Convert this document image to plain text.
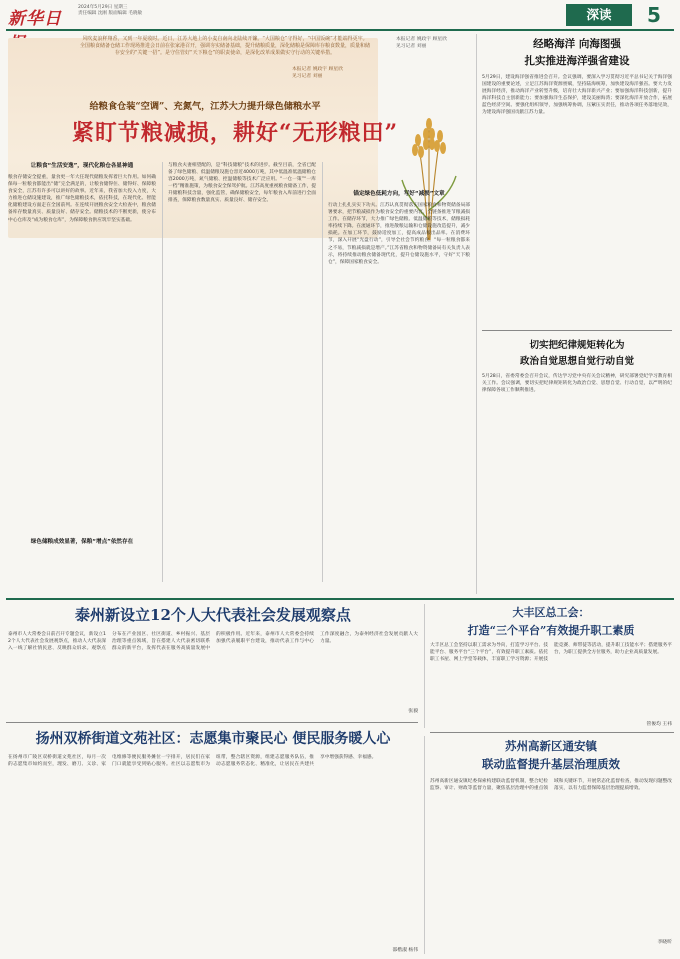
新华日
2024年5月29日 星期三
责任编辑 沈刚 版面编辑 毛晓敏	深读	5
风吹麦浪秤翔香，又到一年夏收时。近日，江苏大地上的小麦自南向北陆续开镰。“大国粮仓”守得好，“中国饭碗”才能端得更牢。全国粮食储备仓储工作现场推进会日前在张家港召开，强调夯实储备基础，提升储粮质量，深化储粮是保障库存粮食数量，质量和储存安全的“关键一招”。是守住管好“天下粮仓”的职责使命，是深化改革成果做实守行动的关键举措。
本报记者 姚政宇 顾星欣
见习记者 刘丽
给粮食仓装“空调”、充氮气，江苏大力提升绿色储粮水平
紧盯节粮减损，耕好“无形粮田”
让粮食“生活安逸”，现代化粮仓各显神通
粮食存储安全提重，量食更一年大任现代储粮发挥着巨大作用。如何确保每一粒粮食都能出“储”完全满足的，让粮食储得住、储得好、保障粮食安全，江苏有许多可以讲好的故事。近年来，我省加大投入力度，大力推进仓储设施建设，推广绿色储粮技术，依托科技，在现代化、智能化储粮建设方面走在全国前列。在连续开展粮食安全大检查中，粮食储备库存数量真实、质量良好、储存安全。储粮技术的不断更新，使分布中心仓库及“成为粮食仓库”，为保障粮食供应筑牢坚实基础。
绿色储粮成效显著，保粮“增点”依然存在
与粮食夫妻相望配的，是“科技储粮”技术的进步。截至目前，全省已配备了绿色储粮、低温储粮设施仓容近4000万吨，其中低温准低温储粮仓容2000万吨，氮气储粮、控温储粮等技术广泛应用。“一仓一策”“一库一档”精准施策，为粮食安全保驾护航。江苏高度重视粮食储备工作，提升储粮科技含量，强化监管，确保储粮安全，每年粮食入库前进行全面排查，保障粮食数量真实、质量良好、储存安全。
锚定绿色低耗方向，写好“减损”文章
行动上扎扎实实下功夫。江苏认真贯彻落实国家粮食和物资储备局部署要求，把节粮减损作为粮食安全的重要内容，全链条推进节粮减损工作。在储存环节，大力推广绿色储粮、低温储粮等技术，储粮损耗率持续下降。在流通环节，推进散粮运输和仓储设施改造提升，减少损耗。在加工环节，鼓励适度加工，提高成品粮出品率。在消费环节，深入开展“光盘行动”，引导全社会节约粮食。“每一粒粮食都来之不易，节粮减损就是增产。”江苏省粮食和物资储备局有关负责人表示，将持续推动粮食储备现代化，提升仓储设施水平，守好“天下粮仓”，保障国家粮食安全。
本报记者 姚政宇 顾星欣
见习记者 刘丽	经略海洋 向海图强
扎实推进海洋强省建设
5月29日，建设海洋强省推进会召开。会议强调，要深入学习贯彻习近平总书记关于海洋强国建设的重要论述，立足江苏海洋资源禀赋，坚持陆海统筹，加快建设海洋强省。要大力发展海洋经济，推动海洋产业转型升级，培育壮大海洋新兴产业；要加强海洋科技创新，提升海洋科技自主创新能力；要加强海洋生态保护，建设美丽海湾；要深化海洋开放合作，拓展蓝色经济空间。要强化组织领导，加强统筹协调，压紧压实责任，推动各项任务落地见效，为建设海洋强国贡献江苏力量。
切实把纪律规矩转化为
政治自觉思想自觉行动自觉
5月28日，省委常委会召开会议，传达学习党中央有关会议精神，研究部署党纪学习教育相关工作。会议强调，要切实把纪律规矩转化为政治自觉、思想自觉、行动自觉，以严明的纪律保障各项工作顺利推进。
泰州新设立12个人大代表社会发展观察点
泰州市人大常委会日前召开专题会议，新设立12个人大代表社会发展观察点，推动人大代表深入一线了解社情民意、反映群众诉求。观察点分布在产业园区、社区街道、乡村振兴、基层治理等重点领域，旨在搭建人大代表密切联系群众的新平台，发挥代表在服务高质量发展中的积极作用。近年来，泰州市人大常委会持续加强代表履职平台建设，推动代表工作与中心工作深度融合，为泰州经济社会发展贡献人大力量。
张毅
大丰区总工会：
打造“三个平台”有效提升职工素质
大丰区总工会坚持以职工需求为导向，打造学习平台、技能平台、服务平台“三个平台”，有效提升职工素质。依托职工书屋、网上学堂等载体，丰富职工学习资源；开展技能竞赛、师带徒等活动，提升职工技能水平；搭建服务平台，为职工提供全方位服务，助力企业高质量发展。
管俊均 王祎
扬州双桥街道文苑社区：志愿集市聚民心 便民服务暖人心
在扬州市广陵区双桥街道文苑社区，每月一次的志愿集市如约而至，理发、磨刀、义诊、家电维修等便民服务摊位一字排开，居民们在家门口就能享受到贴心服务。社区以志愿集市为纽带，整合辖区资源，组建志愿服务队伍，推动志愿服务常态化、精准化，让居民在共建共享中增强获得感、幸福感。
邵楷淑 杨伟
苏州高新区通安镇
联动监督提升基层治理质效
苏州高新区通安镇纪委探索构建联动监督机制，整合纪检监察、审计、财政等监督力量，聚焦基层治理中的重点领域和关键环节，开展常态化监督检查，推动发现问题整改落实，以有力监督保障基层治理提质增效。
李晓昕
